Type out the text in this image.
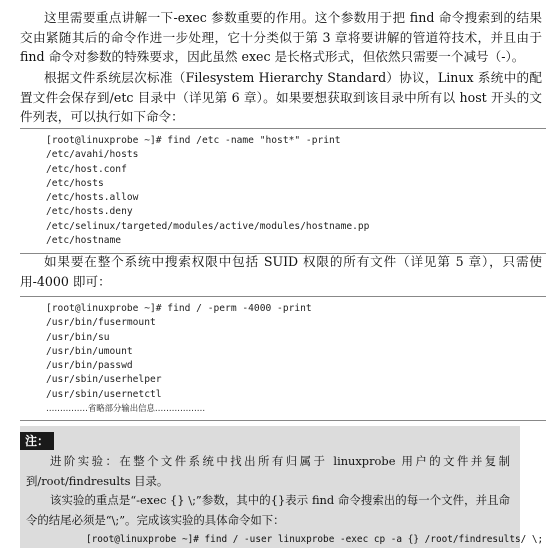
这里需要重点讲解一下-exec 参数重要的作用。这个参数用于把 find 命令搜索到的结果交由紧随其后的命令作进一步处理，它十分类似于第 3 章将要讲解的管道符技术，并且由于 find 命令对参数的特殊要求，因此虽然 exec 是长格式形式，但依然只需要一个减号（-）。

根据文件系统层次标准（Filesystem Hierarchy Standard）协议，Linux 系统中的配置文件会保存到/etc 目录中（详见第 6 章）。如果要想获取到该目录中所有以 host 开头的文件列表，可以执行如下命令：

[root@linuxprobe ~]# find /etc -name "host*" -print
/etc/avahi/hosts
/etc/host.conf
/etc/hosts
/etc/hosts.allow
/etc/hosts.deny
/etc/selinux/targeted/modules/active/modules/hostname.pp
/etc/hostname

如果要在整个系统中搜索权限中包括 SUID 权限的所有文件（详见第 5 章），只需使用-4000 即可：

[root@linuxprobe ~]# find / -perm -4000 -print
/usr/bin/fusermount
/usr/bin/su
/usr/bin/umount
/usr/bin/passwd
/usr/sbin/userhelper
/usr/sbin/usernetctl
……………省略部分输出信息………………
注：

进阶实验：在整个文件系统中找出所有归属于 linuxprobe 用户的文件并复制到/root/findresults 目录。

该实验的重点是“-exec {} \;”参数，其中的{}表示 find 命令搜索出的每一个文件，并且命令的结尾必须是“\;”。完成该实验的具体命令如下：

[root@linuxprobe ~]# find / -user linuxprobe -exec cp -a {} /root/findresults/ \;
